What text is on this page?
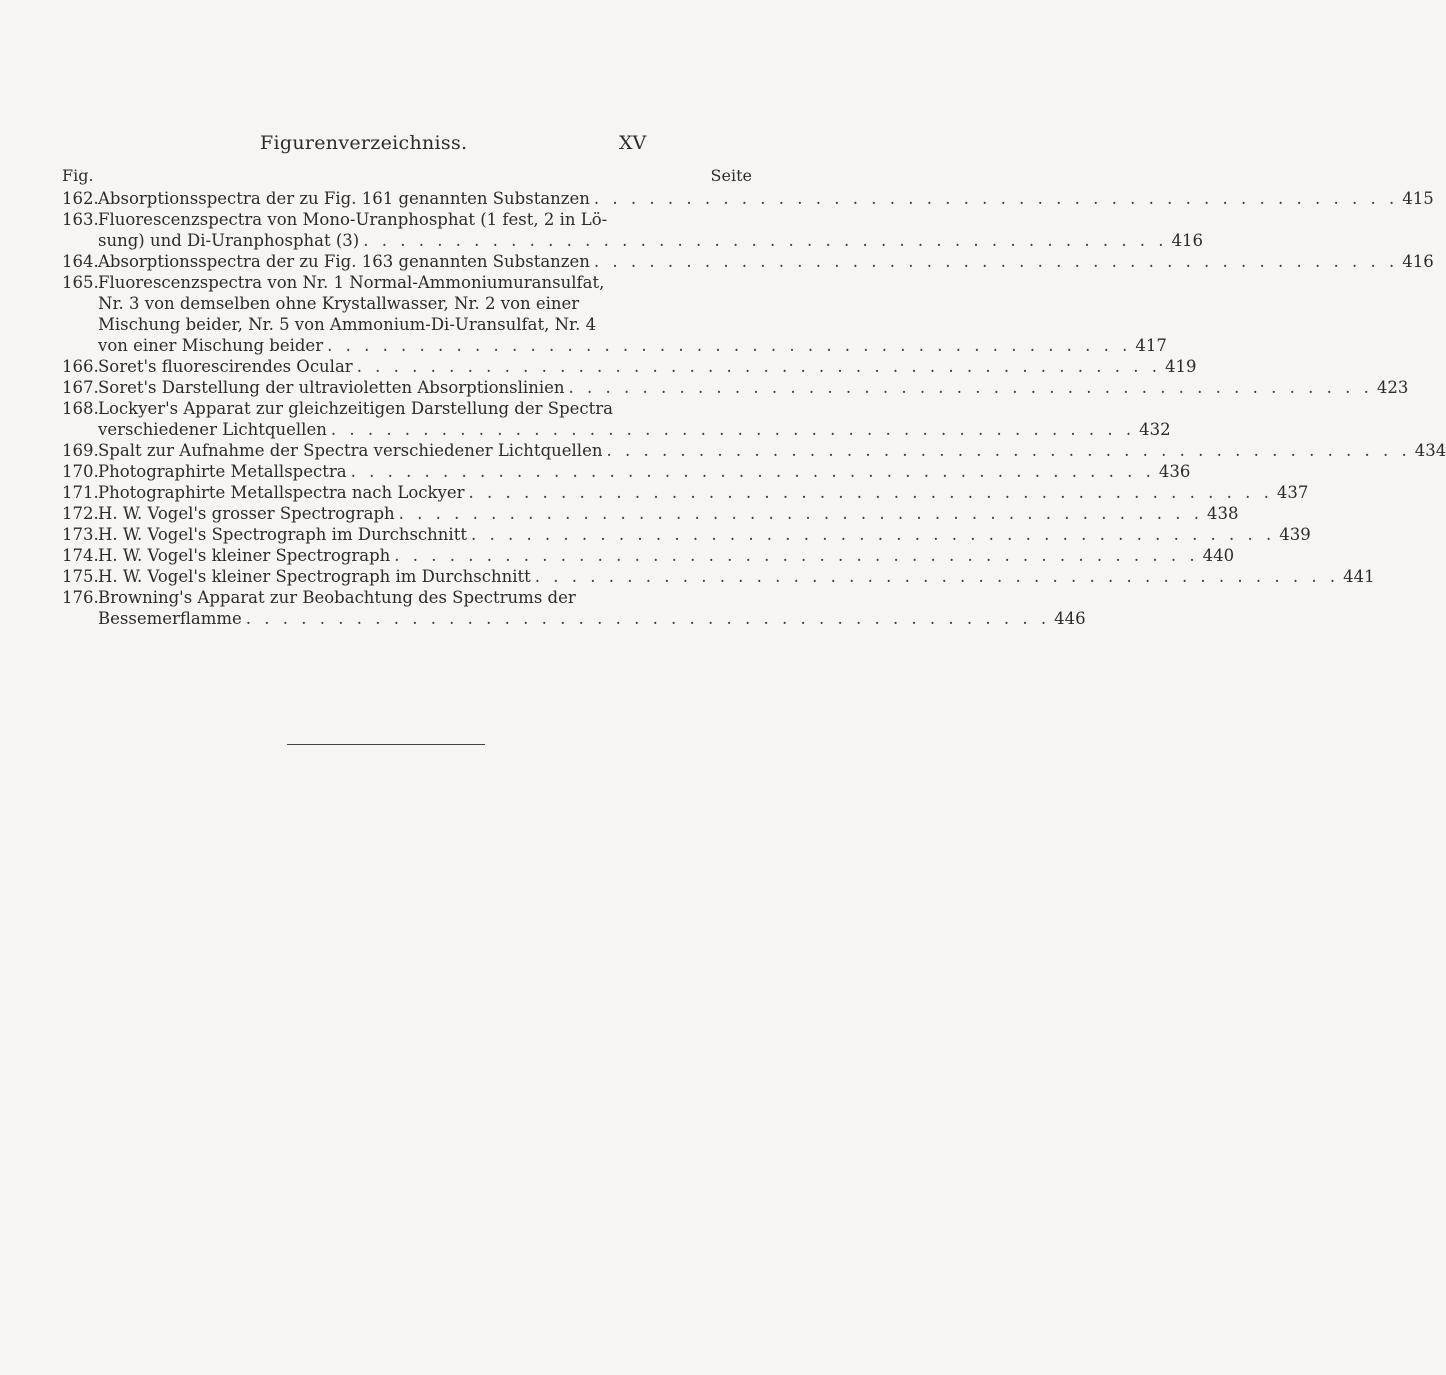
Figurenverzeichniss.	XV
Fig.	Seite
162. Absorptionsspectra der zu Fig. 161 genannten Substanzen . . . . . . . . . . . . . . . . . . . . . . . . . . . . . . . . . . . . . . . . . . . . 415
163. Fluorescenzspectra von Mono-Uranphosphat (1 fest, 2 in Lö-
sung) und Di-Uranphosphat (3) . . . . . . . . . . . . . . . . . . . . . . . . . . . . . . . . . . . . . . . . . . . . 416
164. Absorptionsspectra der zu Fig. 163 genannten Substanzen . . . . . . . . . . . . . . . . . . . . . . . . . . . . . . . . . . . . . . . . . . . . 416
165. Fluorescenzspectra von Nr. 1 Normal-Ammoniumuransulfat,
Nr. 3 von demselben ohne Krystallwasser, Nr. 2 von einer
Mischung beider, Nr. 5 von Ammonium-Di-Uransulfat, Nr. 4
von einer Mischung beider . . . . . . . . . . . . . . . . . . . . . . . . . . . . . . . . . . . . . . . . . . . . 417
166. Soret's fluorescirendes Ocular . . . . . . . . . . . . . . . . . . . . . . . . . . . . . . . . . . . . . . . . . . . . 419
167. Soret's Darstellung der ultravioletten Absorptionslinien . . . . . . . . . . . . . . . . . . . . . . . . . . . . . . . . . . . . . . . . . . . . 423
168. Lockyer's Apparat zur gleichzeitigen Darstellung der Spectra
verschiedener Lichtquellen . . . . . . . . . . . . . . . . . . . . . . . . . . . . . . . . . . . . . . . . . . . . 432
169. Spalt zur Aufnahme der Spectra verschiedener Lichtquellen . . . . . . . . . . . . . . . . . . . . . . . . . . . . . . . . . . . . . . . . . . . . 434
170. Photographirte Metallspectra . . . . . . . . . . . . . . . . . . . . . . . . . . . . . . . . . . . . . . . . . . . . 436
171. Photographirte Metallspectra nach Lockyer . . . . . . . . . . . . . . . . . . . . . . . . . . . . . . . . . . . . . . . . . . . . 437
172. H. W. Vogel's grosser Spectrograph . . . . . . . . . . . . . . . . . . . . . . . . . . . . . . . . . . . . . . . . . . . . 438
173. H. W. Vogel's Spectrograph im Durchschnitt . . . . . . . . . . . . . . . . . . . . . . . . . . . . . . . . . . . . . . . . . . . . 439
174. H. W. Vogel's kleiner Spectrograph . . . . . . . . . . . . . . . . . . . . . . . . . . . . . . . . . . . . . . . . . . . . 440
175. H. W. Vogel's kleiner Spectrograph im Durchschnitt . . . . . . . . . . . . . . . . . . . . . . . . . . . . . . . . . . . . . . . . . . . . 441
176. Browning's Apparat zur Beobachtung des Spectrums der
Bessemerflamme . . . . . . . . . . . . . . . . . . . . . . . . . . . . . . . . . . . . . . . . . . . . 446
